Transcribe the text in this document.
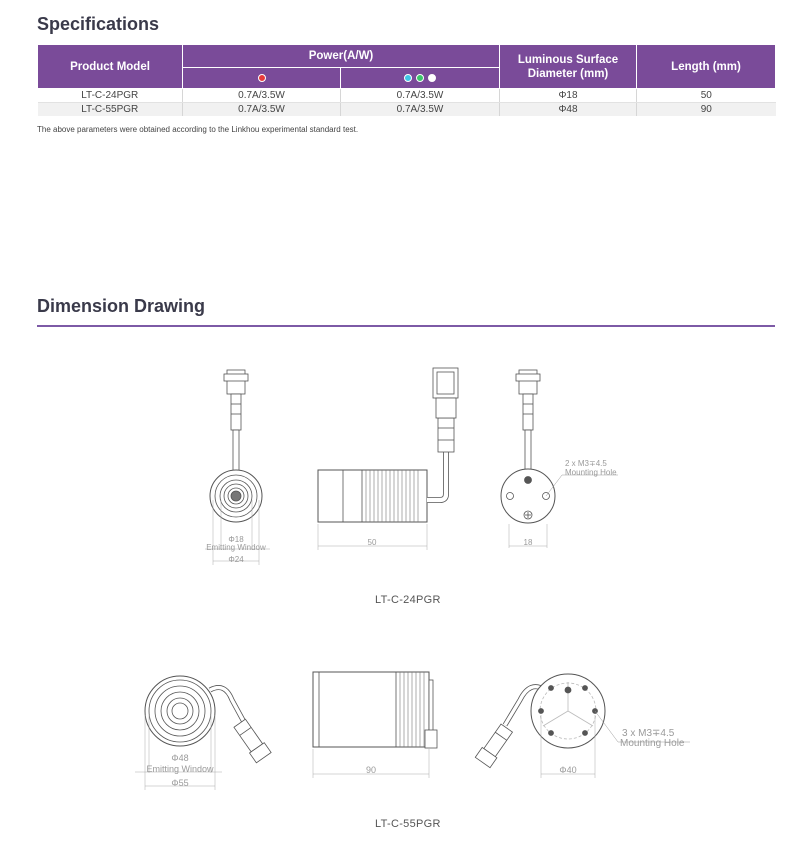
Specifications
Product Model	Power(A/W)		Luminous Surface Diameter (mm)	Length (mm)

LT-C-24PGR	0.7A/3.5W	0.7A/3.5W	Φ18	50
LT-C-55PGR	0.7A/3.5W	0.7A/3.5W	Φ48	90
The above parameters were obtained according to the Linkhou experimental standard test.
Dimension Drawing
Φ18
Emitting Window
Φ24
50
2 x M3∓4.5
Mounting Hole
18
Φ48
Emitting Window
Φ55
90
3 x M3∓4.5
Mounting Hole
Φ40
LT-C-24PGR
LT-C-55PGR
